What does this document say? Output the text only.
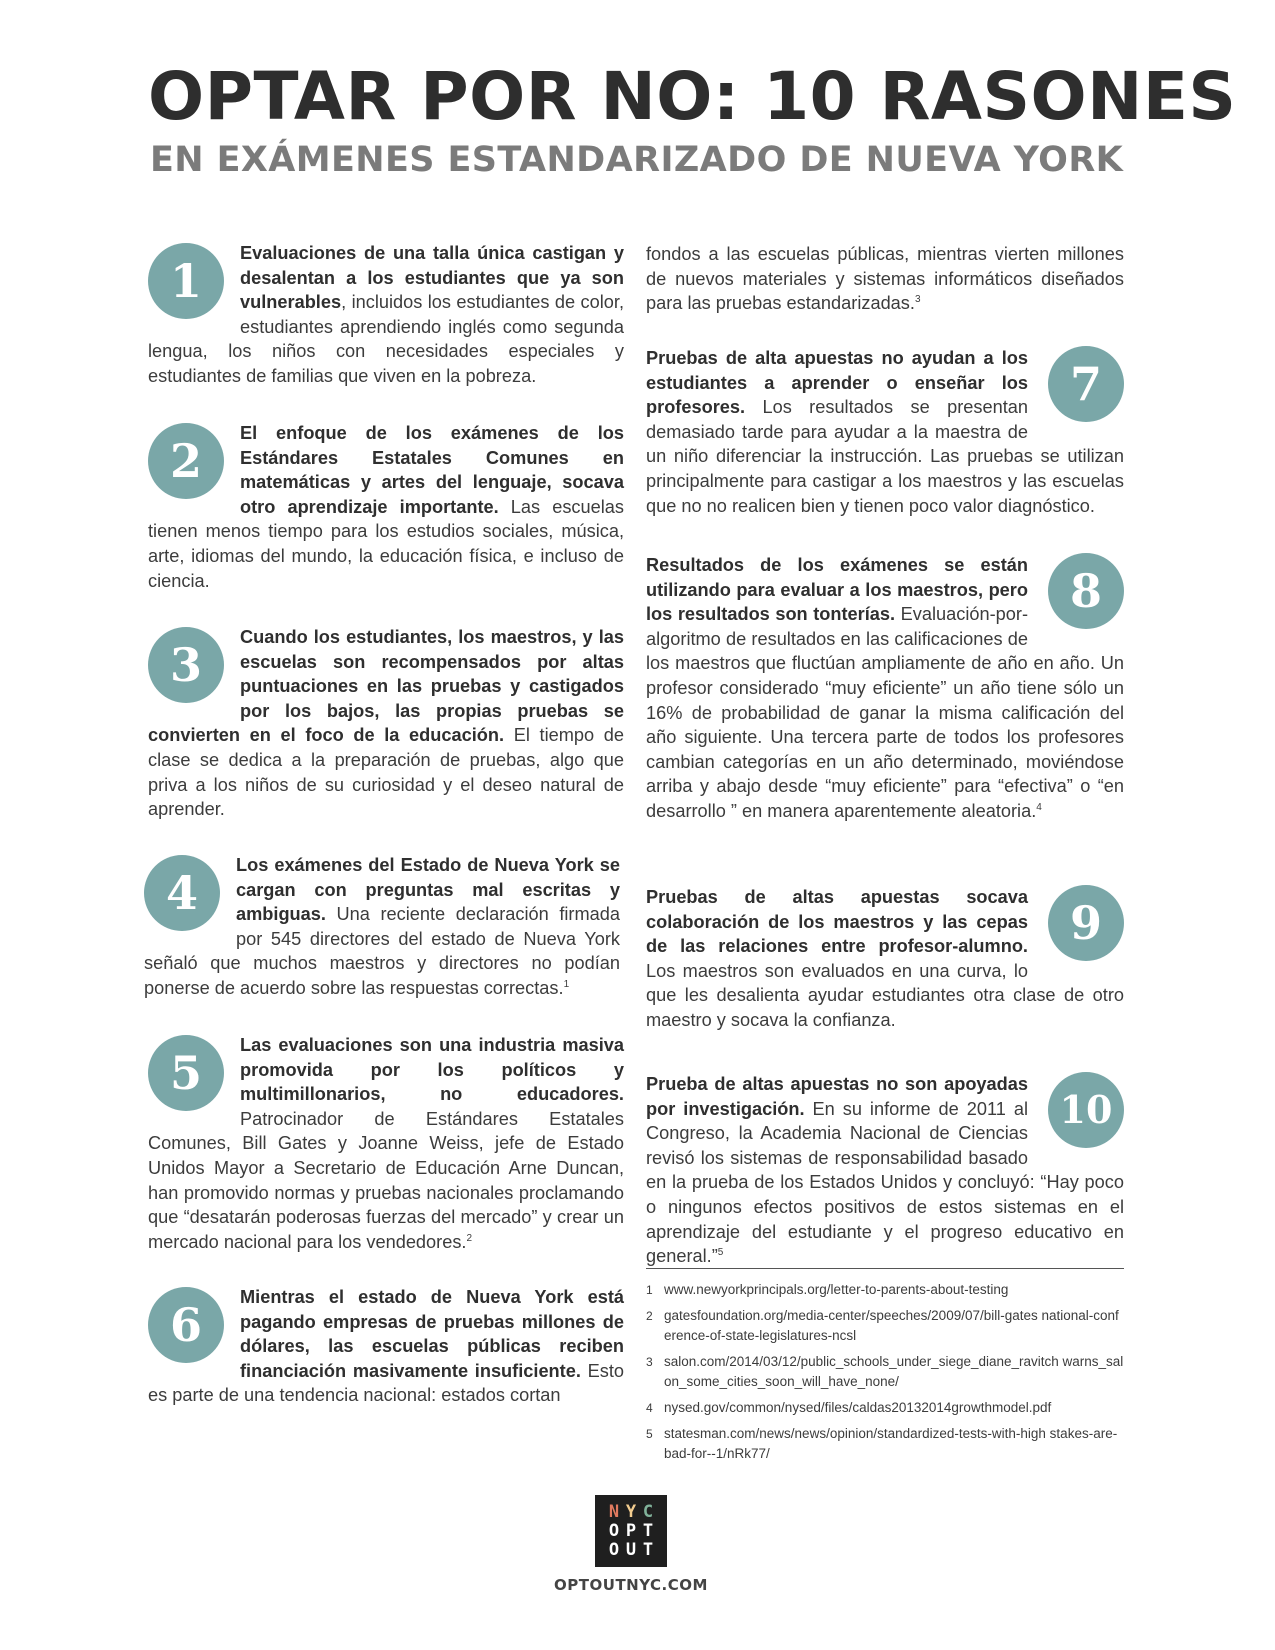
OPTAR POR NO: 10 RASONES
EN EXÁMENES ESTANDARIZADO DE NUEVA YORK
1
Evaluaciones de una talla única castigan y desalentan a los estudiantes que ya son vulnerables, incluidos los estudiantes de color, estudiantes aprendiendo inglés como segunda lengua, los niños con necesidades especiales y estudiantes de familias que viven en la pobreza.
2
El enfoque de los exámenes de los Estándares Estatales Comunes en matemáticas y artes del lenguaje, socava otro aprendizaje importante. Las escuelas tienen menos tiempo para los estudios sociales, música, arte, idiomas del mundo, la educación física, e incluso de ciencia.
3
Cuando los estudiantes, los maestros, y las escuelas son recompensados por altas puntuaciones en las pruebas y castigados por los bajos, las propias pruebas se convierten en el foco de la educación. El tiempo de clase se dedica a la preparación de pruebas, algo que priva a los niños de su curiosidad y el deseo natural de aprender.
4
Los exámenes del Estado de Nueva York se cargan con preguntas mal escritas y ambiguas. Una reciente declaración firmada por 545 directores del estado de Nueva York señaló que muchos maestros y directores no podían ponerse de acuerdo sobre las respuestas correctas.$^1$
5
Las evaluaciones son una industria masiva promovida por los políticos y multimillonarios, no educadores. Patrocinador de Estándares Estatales Comunes, Bill Gates y Joanne Weiss, jefe de Estado Unidos Mayor a Secretario de Educación Arne Duncan, han promovido normas y pruebas nacionales proclamando que “desatarán poderosas fuerzas del mercado” y crear un mercado nacional para los vendedores.$^2$
6
Mientras el estado de Nueva York está pagando empresas de pruebas millones de dólares, las escuelas públicas reciben financiación masivamente insuficiente. Esto es parte de una tendencia nacional: estados cortan
fondos a las escuelas públicas, mientras vierten millones de nuevos materiales y sistemas informáticos diseñados para las pruebas estandarizadas.$^3$
7
Pruebas de alta apuestas no ayudan a los estudiantes a aprender o enseñar los profesores. Los resultados se presentan demasiado tarde para ayudar a la maestra de un niño diferenciar la instrucción. Las pruebas se utilizan principalmente para castigar a los maestros y las escuelas que no no realicen bien y tienen poco valor diagnóstico.
8
Resultados de los exámenes se están utilizando para evaluar a los maestros, pero los resultados son tonterías. Evaluación-por-algoritmo de resultados en las calificaciones de los maestros que fluctúan ampliamente de año en año. Un profesor considerado “muy eficiente” un año tiene sólo un 16% de probabilidad de ganar la misma calificación del año siguiente. Una tercera parte de todos los profesores cambian categorías en un año determinado, moviéndose arriba y abajo desde “muy eficiente” para “efectiva” o “en desarrollo ” en manera aparentemente aleatoria.$^4$
9
Pruebas de altas apuestas socava colaboración de los maestros y las cepas de las relaciones entre profesor-alumno. Los maestros son evaluados en una curva, lo que les desalienta ayudar estudiantes otra clase de otro maestro y socava la confianza.
10
Prueba de altas apuestas no son apoyadas por investigación. En su informe de 2011 al Congreso, la Academia Nacional de Ciencias revisó los sistemas de responsabilidad basado en la prueba de los Estados Unidos y concluyó: “Hay poco o ningunos efectos positivos de estos sistemas en el aprendizaje del estudiante y el progreso educativo en general.”$^5$
1 www.newyorkprincipals.org/letter-to-parents-about-testing
2 gatesfoundation.org/media-center/speeches/2009/07/bill-gates national-conference-of-state-legislatures-ncsl
3 salon.com/2014/03/12/public_schools_under_siege_diane_ravitch warns_salon_some_cities_soon_will_have_none/
4 nysed.gov/common/nysed/files/caldas20132014growthmodel.pdf
5 statesman.com/news/news/opinion/standardized-tests-with-high stakes-are-bad-for--1/nRk77/
N Y C
O P T
O U T
OPTOUTNYC.COM
